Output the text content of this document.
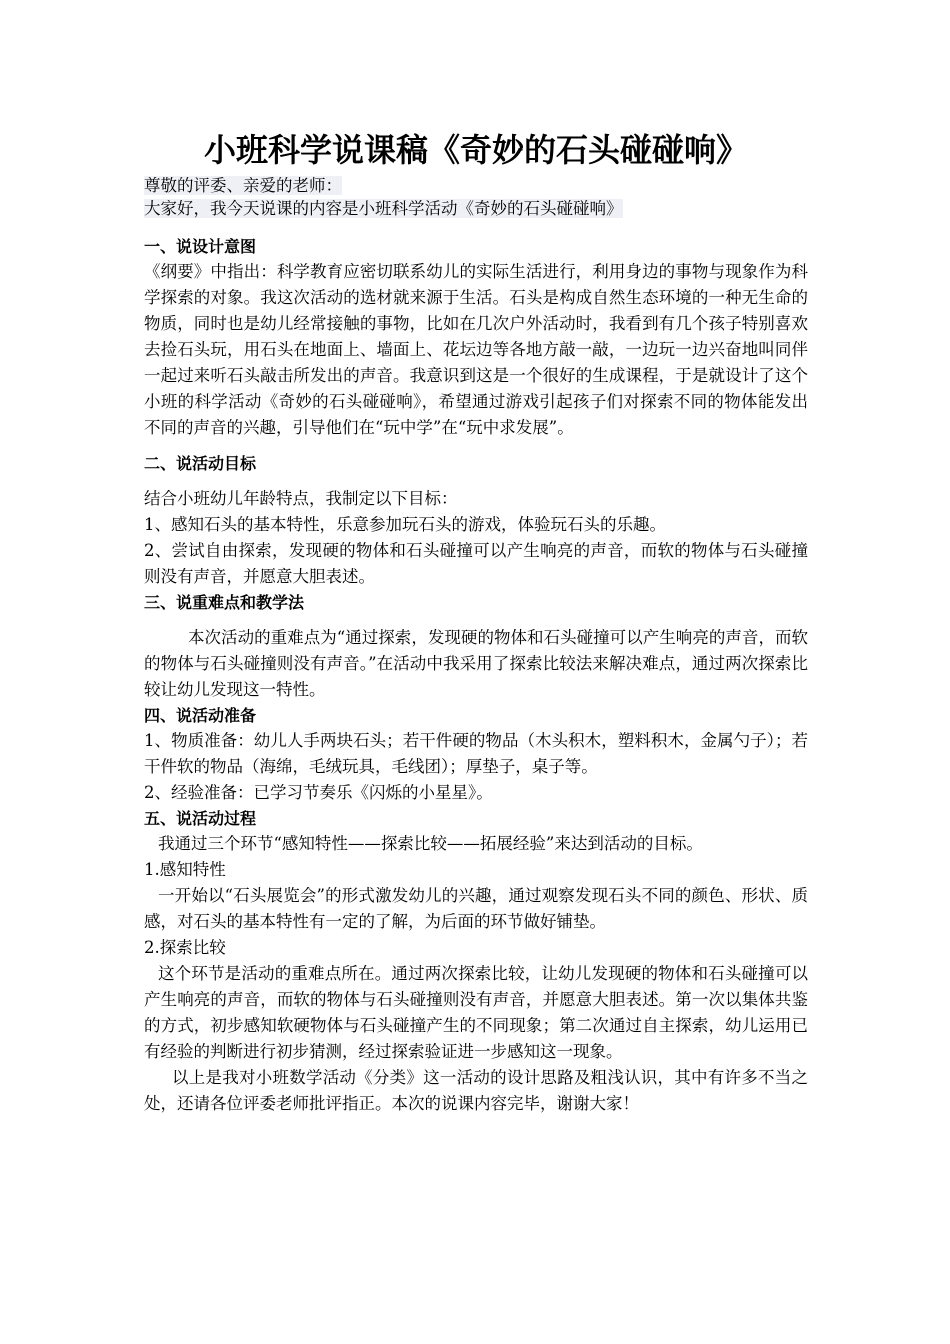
小班科学说课稿《奇妙的石头碰碰响》
尊敬的评委、亲爱的老师：
大家好，我今天说课的内容是小班科学活动《奇妙的石头碰碰响》
一、说设计意图

《纲要》中指出：科学教育应密切联系幼儿的实际生活进行，利用身边的事物与现象作为科学探索的对象。我这次活动的选材就来源于生活。石头是构成自然生态环境的一种无生命的物质，同时也是幼儿经常接触的事物，比如在几次户外活动时，我看到有几个孩子特别喜欢去捡石头玩，用石头在地面上、墙面上、花坛边等各地方敲一敲，一边玩一边兴奋地叫同伴一起过来听石头敲击所发出的声音。我意识到这是一个很好的生成课程，于是就设计了这个小班的科学活动《奇妙的石头碰碰响》，希望通过游戏引起孩子们对探索不同的物体能发出不同的声音的兴趣，引导他们在“玩中学”在“玩中求发展”。

二、说活动目标

结合小班幼儿年龄特点，我制定以下目标：

1、感知石头的基本特性，乐意参加玩石头的游戏，体验玩石头的乐趣。

2、尝试自由探索，发现硬的物体和石头碰撞可以产生响亮的声音，而软的物体与石头碰撞则没有声音，并愿意大胆表述。

三、说重难点和教学法

本次活动的重难点为“通过探索，发现硬的物体和石头碰撞可以产生响亮的声音，而软的物体与石头碰撞则没有声音。”在活动中我采用了探索比较法来解决难点，通过两次探索比较让幼儿发现这一特性。

四、说活动准备

1、物质准备：幼儿人手两块石头；若干件硬的物品（木头积木，塑料积木，金属勺子）；若干件软的物品（海绵，毛绒玩具，毛线团）；厚垫子，桌子等。

2、经验准备：已学习节奏乐《闪烁的小星星》。

五、说活动过程

我通过三个环节“感知特性——探索比较——拓展经验”来达到活动的目标。

1.感知特性

一开始以“石头展览会”的形式激发幼儿的兴趣，通过观察发现石头不同的颜色、形状、质感，对石头的基本特性有一定的了解，为后面的环节做好铺垫。

2.探索比较

这个环节是活动的重难点所在。通过两次探索比较，让幼儿发现硬的物体和石头碰撞可以产生响亮的声音，而软的物体与石头碰撞则没有声音，并愿意大胆表述。第一次以集体共鉴的方式，初步感知软硬物体与石头碰撞产生的不同现象；第二次通过自主探索，幼儿运用已有经验的判断进行初步猜测，经过探索验证进一步感知这一现象。

以上是我对小班数学活动《分类》这一活动的设计思路及粗浅认识，其中有许多不当之处，还请各位评委老师批评指正。本次的说课内容完毕，谢谢大家！
